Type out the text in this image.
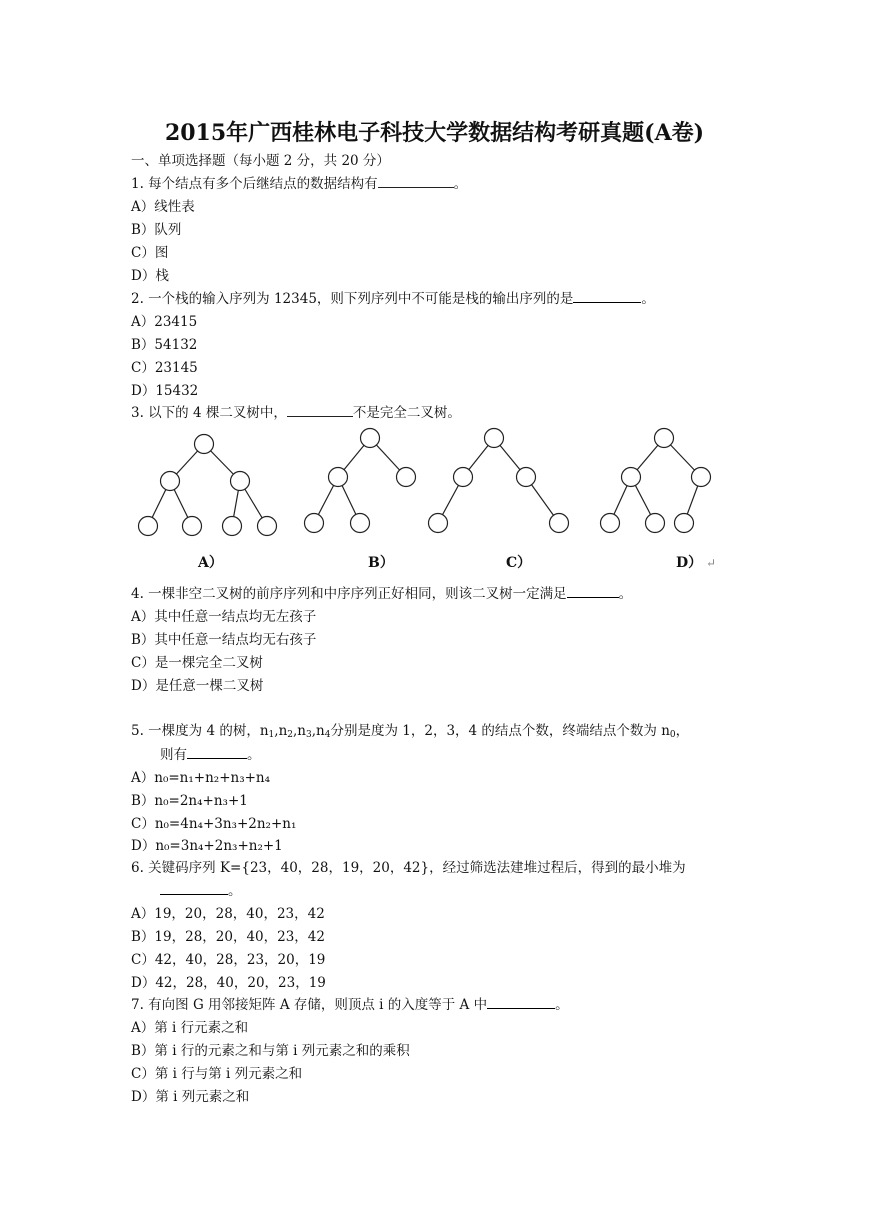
2015年广西桂林电子科技大学数据结构考研真题(A卷)
一、单项选择题（每小题 2 分，共 20 分）
1. 每个结点有多个后继结点的数据结构有	。
A）线性表
B）队列
C）图
D）栈
2. 一个栈的输入序列为 12345，则下列序列中不可能是栈的输出序列的是	。
A）23415
B）54132
C）23145
D）15432
3. 以下的 4 棵二叉树中，	不是完全二叉树。
A）	B）	C）	D） ↵
4. 一棵非空二叉树的前序序列和中序序列正好相同，则该二叉树一定满足	。
A）其中任意一结点均无左孩子
B）其中任意一结点均无右孩子
C）是一棵完全二叉树
D）是任意一棵二叉树
5. 一棵度为 4 的树，$n_1,n_2,n_3,n_4$分别是度为 1，2，3，4 的结点个数，终端结点个数为 $n_0$，
则有	。
A）n₀=n₁+n₂+n₃+n₄
B）n₀=2n₄+n₃+1
C）n₀=4n₄+3n₃+2n₂+n₁
D）n₀=3n₄+2n₃+n₂+1
6. 关键码序列 K={23，40，28，19，20，42}，经过筛选法建堆过程后，得到的最小堆为
。
A）19，20，28，40，23，42
B）19，28，20，40，23，42
C）42，40，28，23，20，19
D）42，28，40，20，23，19
7. 有向图 G 用邻接矩阵 A 存储，则顶点 i 的入度等于 A 中	。
A）第 i 行元素之和
B）第 i 行的元素之和与第 i 列元素之和的乘积
C）第 i 行与第 i 列元素之和
D）第 i 列元素之和
